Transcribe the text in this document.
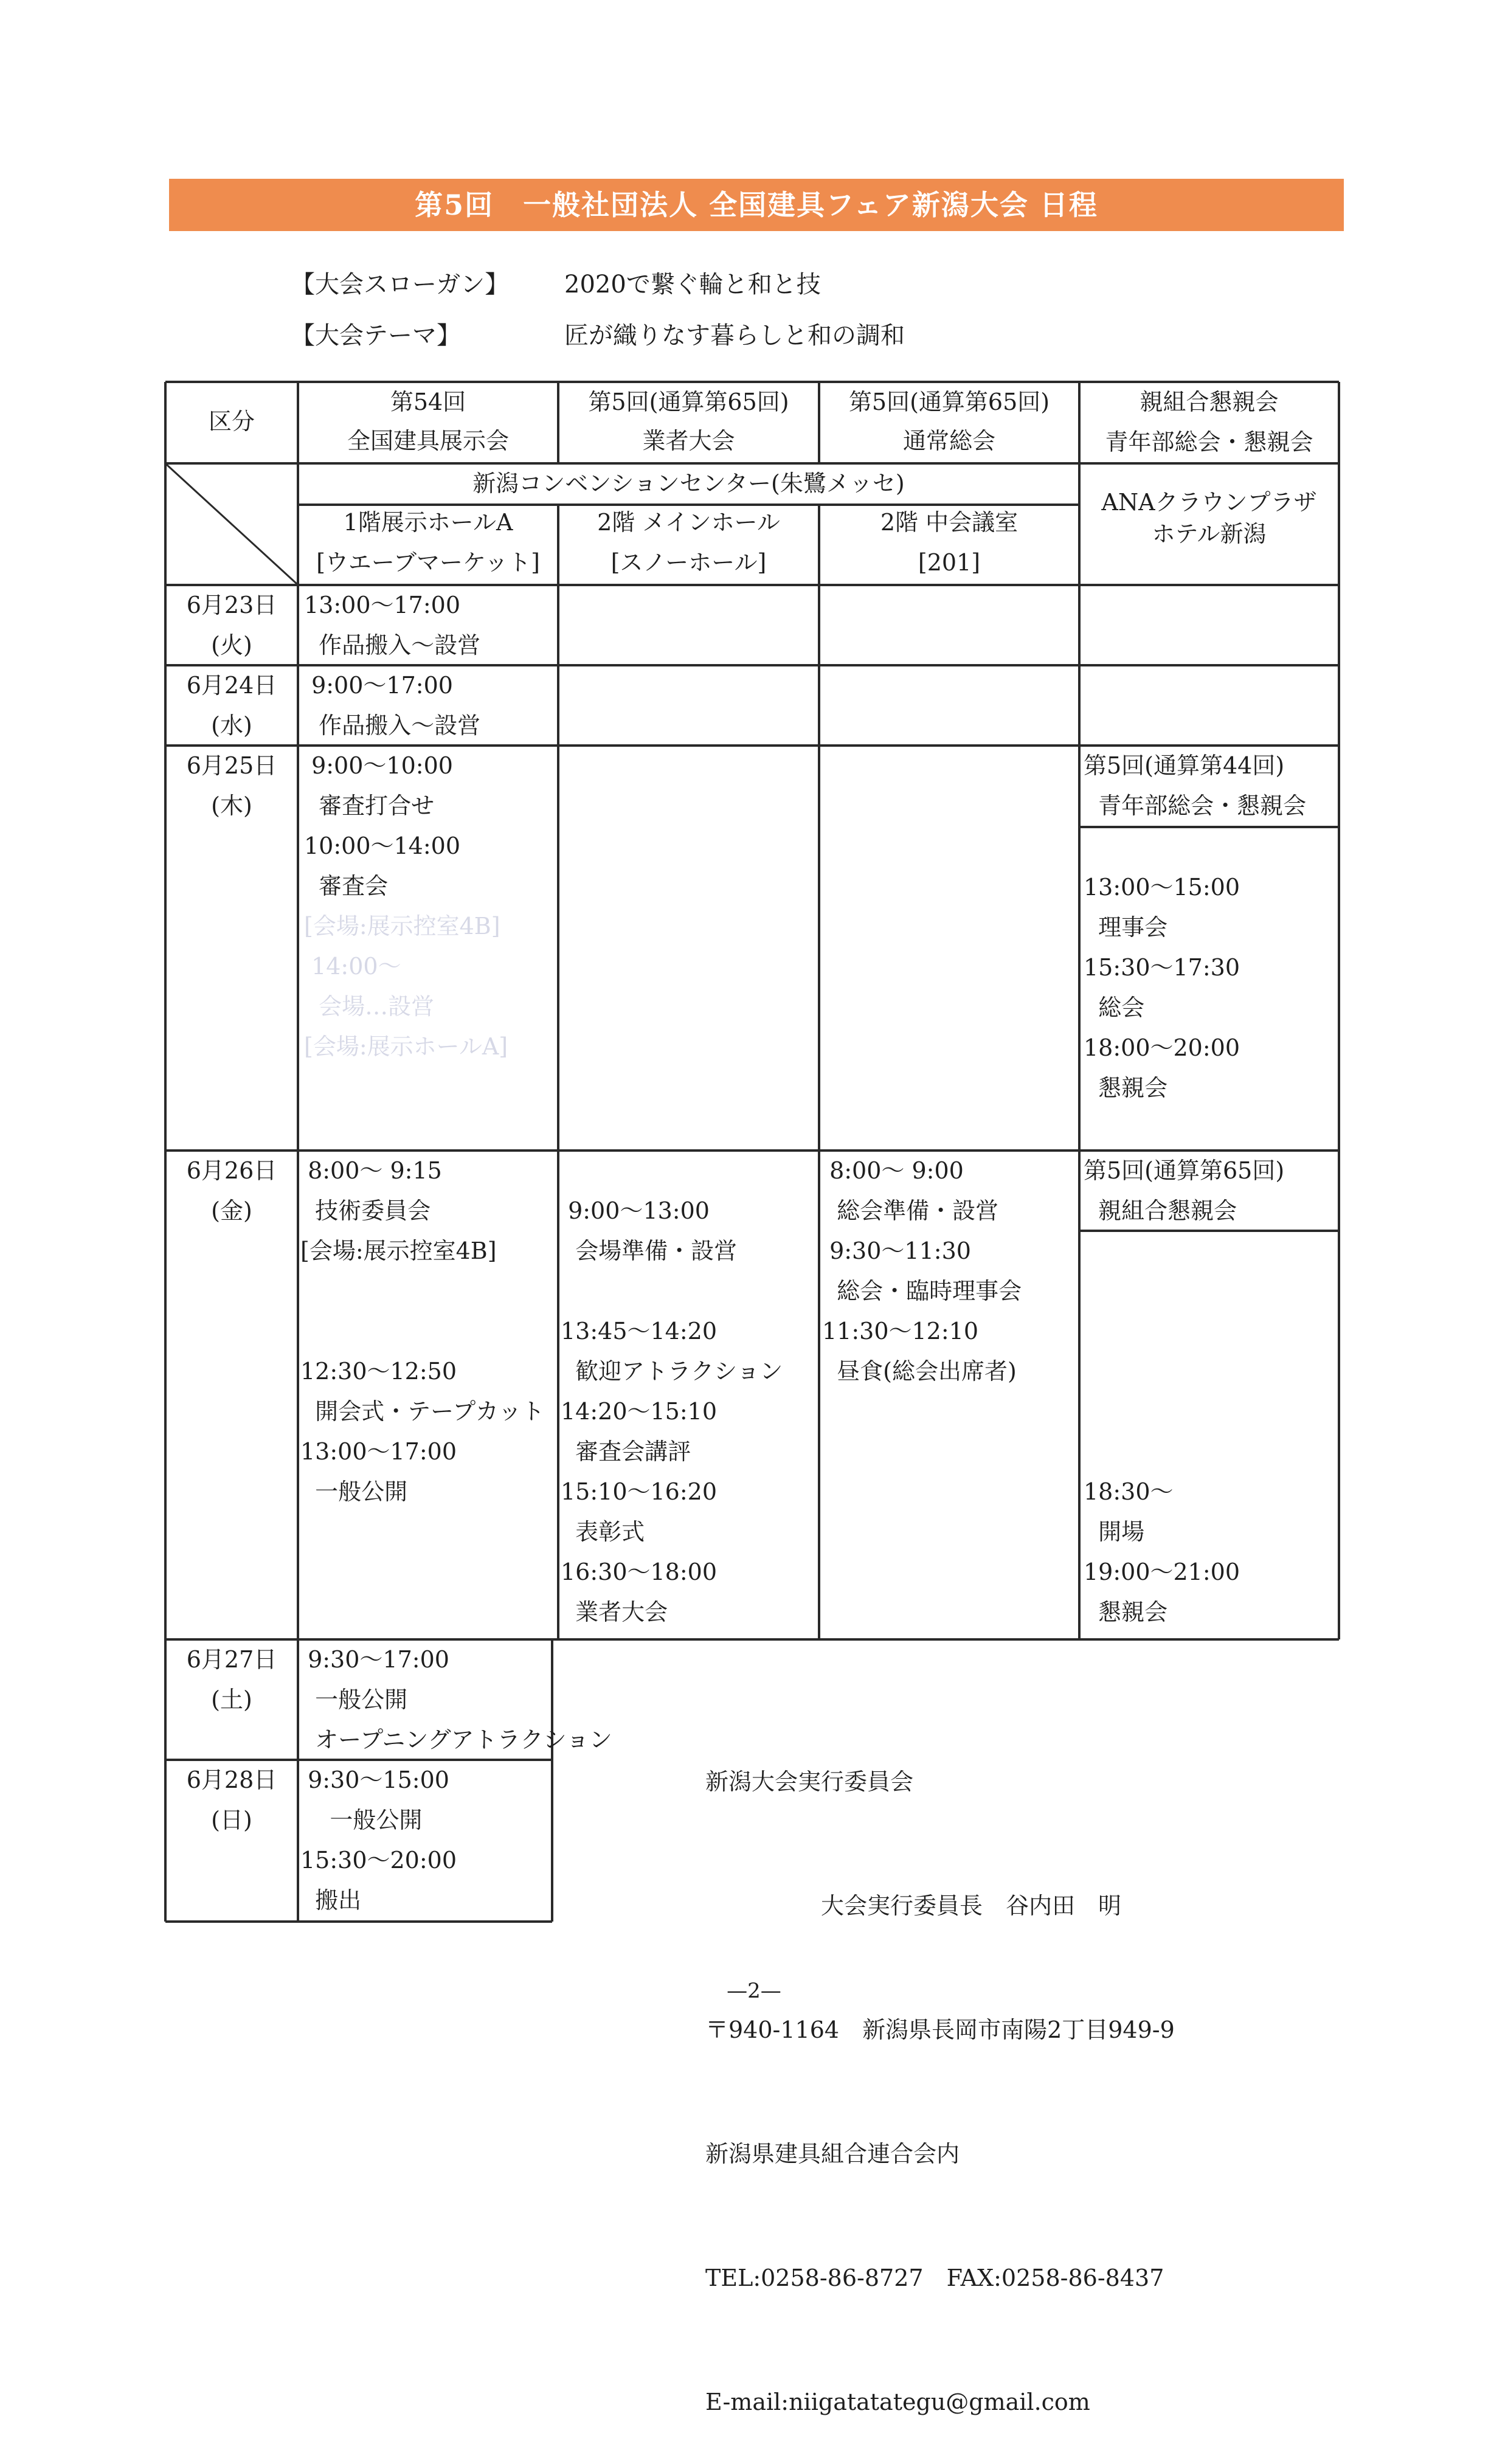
第5回　一般社団法人 全国建具フェア新潟大会 日程
【大会スローガン】 2020で繋ぐ輪と和と技
【大会テーマ】	匠が織りなす暮らしと和の調和
区分
第54回
全国建具展示会
第5回(通算第65回)
業者大会
第5回(通算第65回)
通常総会
親組合懇親会
青年部総会・懇親会
新潟コンベンションセンター(朱鷺メッセ)
1階展示ホールA
[ウエーブマーケット]
2階 メインホール
[スノーホール]
2階 中会議室
[201]
ANAクラウンプラザ
ホテル新潟
6月23日
(火)
13:00～17:00
作品搬入～設営
6月24日
(水)
9:00～17:00
作品搬入～設営
6月25日
(木)
9:00～10:00
審査打合せ
10:00～14:00
審査会
[会場:展示控室4B]
14:00～
会場…設営
[会場:展示ホールA]
第5回(通算第44回)
青年部総会・懇親会

13:00～15:00
理事会
15:30～17:30
総会
18:00～20:00
懇親会
6月26日
(金)
8:00～ 9:15
技術委員会
[会場:展示控室4B]

12:30～12:50
開会式・テープカット
13:00～17:00
一般公開

9:00～13:00
会場準備・設営

13:45～14:20
歓迎アトラクション
14:20～15:10
審査会講評
15:10～16:20
表彰式
16:30～18:00
業者大会
8:00～ 9:00
総会準備・設営
9:30～11:30
総会・臨時理事会
11:30～12:10
昼食(総会出席者)
第5回(通算第65回)
親組合懇親会

18:30～
開場
19:00～21:00
懇親会
6月27日
(土)
9:30～17:00
一般公開
オープニングアトラクション
6月28日
(日)
9:30～15:00
一般公開
15:30～20:00
搬出

新潟大会実行委員会

大会実行委員長　谷内田　明

〒940-1164　新潟県長岡市南陽2丁目949-9

新潟県建具組合連合会内

TEL:0258-86-8727　FAX:0258-86-8437

E-mail:niigatatategu@gmail.com

—2—
